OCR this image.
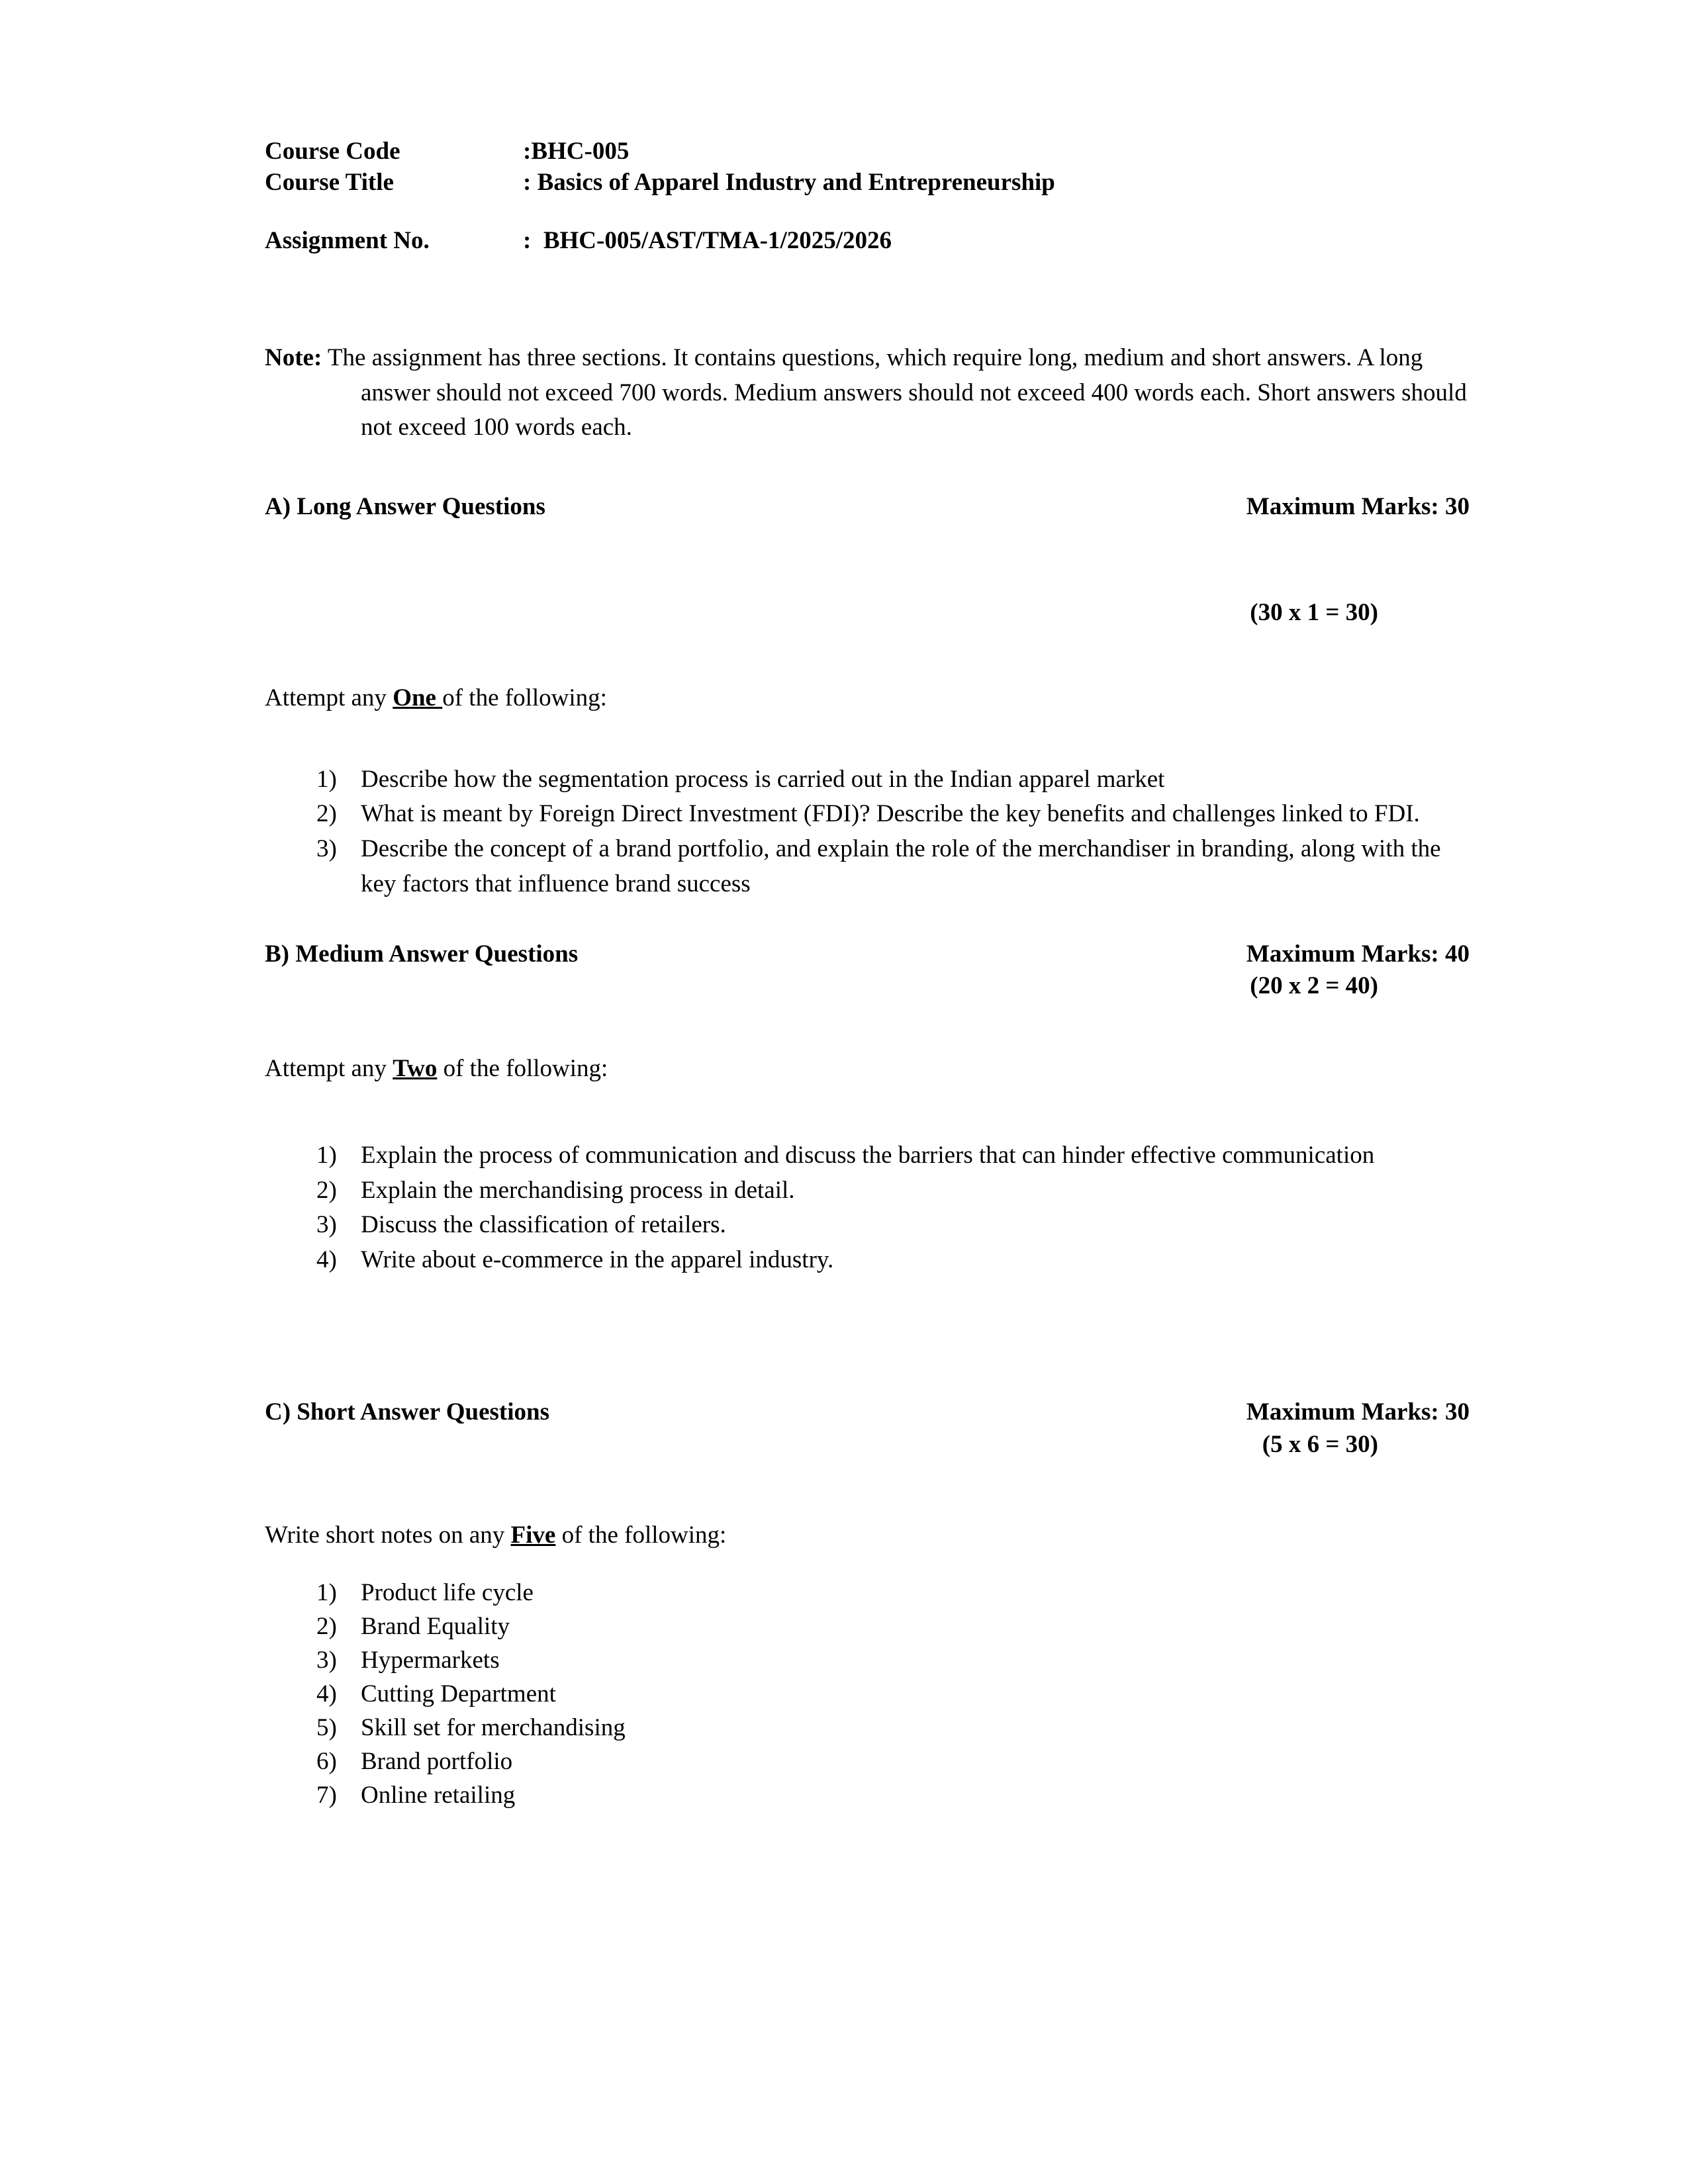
Course Code	:BHC-005
Course Title	: Basics of Apparel Industry and Entrepreneurship
Assignment No.	:  BHC-005/AST/TMA-1/2025/2026

Note: The assignment has three sections. It contains questions, which require long, medium and short answers. A long answer should not exceed 700 words. Medium answers should not exceed 400 words each. Short answers should not exceed 100 words each.

A) Long Answer Questions	Maximum Marks: 30
(30 x 1 = 30)

Attempt any One of the following:

1) Describe how the segmentation process is carried out in the Indian apparel market
2) What is meant by Foreign Direct Investment (FDI)? Describe the key benefits and challenges linked to FDI.
3) Describe the concept of a brand portfolio, and explain the role of the merchandiser in branding, along with the key factors that influence brand success
B) Medium Answer Questions	Maximum Marks: 40
(20 x 2 = 40)

Attempt any Two of the following:

1) Explain the process of communication and discuss the barriers that can hinder effective communication
2) Explain the merchandising process in detail.
3) Discuss the classification of retailers.
4) Write about e-commerce in the apparel industry.
C) Short Answer Questions	Maximum Marks: 30
(5 x 6 = 30)

Write short notes on any Five of the following:

1) Product life cycle
2) Brand Equality
3) Hypermarkets
4) Cutting Department
5) Skill set for merchandising
6) Brand portfolio
7) Online retailing
